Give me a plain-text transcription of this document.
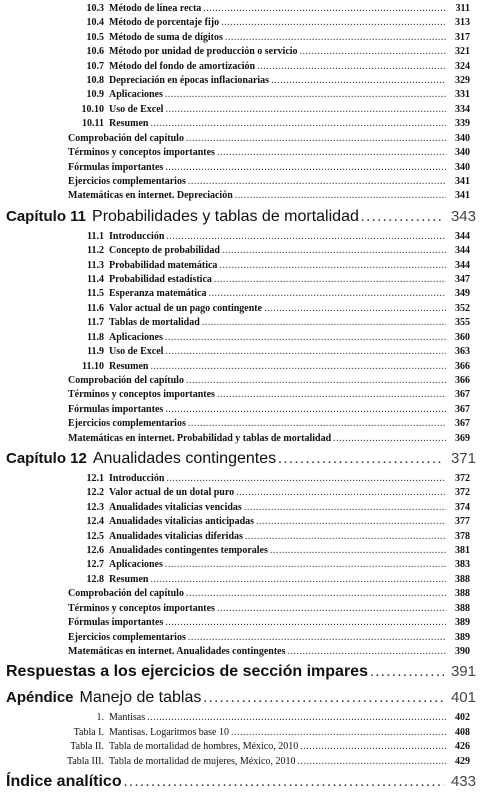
10.3 Método de línea recta . . .	311
10.4 Método de porcentaje fijo . . .	313
10.5 Método de suma de dígitos . . .	317
10.6 Método por unidad de producción o servicio . . .	321
10.7 Método del fondo de amortización . . .	324
10.8 Depreciación en épocas inflacionarias . . .	329
10.9 Aplicaciones . . .	331
10.10 Uso de Excel . . .	334
10.11 Resumen . . .	339
Comprobación del capítulo . . .	340
Términos y conceptos importantes . . .	340
Fórmulas importantes . . .	340
Ejercicios complementarios . . .	341
Matemáticas en internet. Depreciación . . .	341
Capítulo 11 Probabilidades y tablas de mortalidad . . .	343
11.1 Introducción . . .	344
11.2 Concepto de probabilidad . . .	344
11.3 Probabilidad matemática . . .	344
11.4 Probabilidad estadística . . .	347
11.5 Esperanza matemática . . .	349
11.6 Valor actual de un pago contingente . . .	352
11.7 Tablas de mortalidad . . .	355
11.8 Aplicaciones . . .	360
11.9 Uso de Excel . . .	363
11.10 Resumen . . .	366
Comprobación del capítulo . . .	366
Términos y conceptos importantes . . .	367
Fórmulas importantes . . .	367
Ejercicios complementarios . . .	367
Matemáticas en internet. Probabilidad y tablas de mortalidad . . .	369
Capítulo 12 Anualidades contingentes . . .	371
12.1 Introducción . . .	372
12.2 Valor actual de un dotal puro . . .	372
12.3 Anualidades vitalicias vencidas . . .	374
12.4 Anualidades vitalicias anticipadas . . .	377
12.5 Anualidades vitalicias diferidas . . .	378
12.6 Anualidades contingentes temporales . . .	381
12.7 Aplicaciones . . .	383
12.8 Resumen . . .	388
Comprobación del capítulo . . .	388
Términos y conceptos importantes . . .	388
Fórmulas importantes . . .	389
Ejercicios complementarios . . .	389
Matemáticas en internet. Anualidades contingentes . . .	390
Respuestas a los ejercicios de sección impares . . .	391
Apéndice Manejo de tablas . . .	401
1. Mantisas . . .	402
Tabla I. Mantisas. Logaritmos base 10 . . .	408
Tabla II. Tabla de mortalidad de hombres, México, 2010 . . .	426
Tabla III. Tabla de mortalidad de mujeres, México, 2010 . . .	429
Índice analítico . . .	433
